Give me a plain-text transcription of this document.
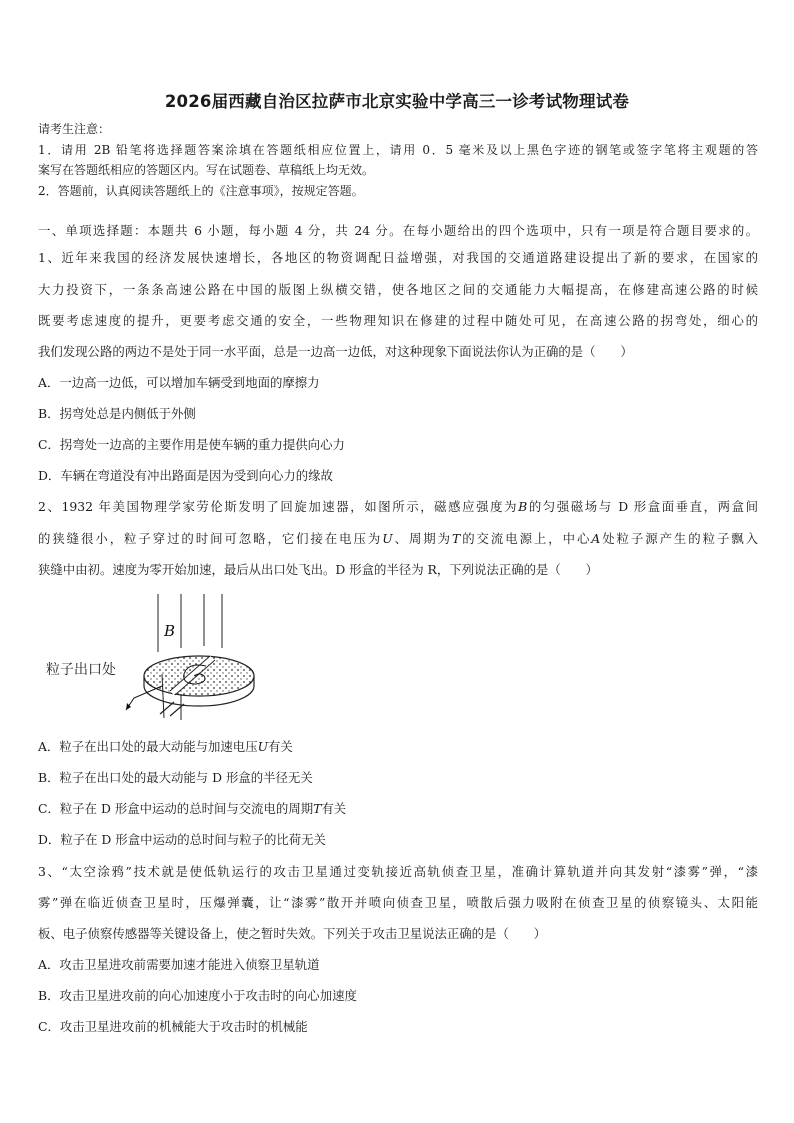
2026届西藏自治区拉萨市北京实验中学高三一诊考试物理试卷
请考生注意：
1．请用 2B 铅笔将选择题答案涂填在答题纸相应位置上，请用 0．5 毫米及以上黑色字迹的钢笔或签字笔将主观题的答
案写在答题纸相应的答题区内。写在试题卷、草稿纸上均无效。
2．答题前，认真阅读答题纸上的《注意事项》，按规定答题。
一、单项选择题：本题共 6 小题，每小题 4 分，共 24 分。在每小题给出的四个选项中，只有一项是符合题目要求的。
1、近年来我国的经济发展快速增长，各地区的物资调配日益增强，对我国的交通道路建设提出了新的要求，在国家的
大力投资下，一条条高速公路在中国的版图上纵横交错，使各地区之间的交通能力大幅提高，在修建高速公路的时候
既要考虑速度的提升，更要考虑交通的安全，一些物理知识在修建的过程中随处可见，在高速公路的拐弯处，细心的
我们发现公路的两边不是处于同一水平面，总是一边高一边低，对这种现象下面说法你认为正确的是（　　）
A．一边高一边低，可以增加车辆受到地面的摩擦力
B．拐弯处总是内侧低于外侧
C．拐弯处一边高的主要作用是使车辆的重力提供向心力
D．车辆在弯道没有冲出路面是因为受到向心力的缘故
2、1932 年美国物理学家劳伦斯发明了回旋加速器，如图所示，磁感应强度为B的匀强磁场与 D 形盒面垂直，两盒间
的狭缝很小，粒子穿过的时间可忽略，它们接在电压为U、周期为T的交流电源上，中心A处粒子源产生的粒子飘入
狭缝中由初。速度为零开始加速，最后从出口处飞出。D 形盒的半径为 R，下列说法正确的是（　　）
B
粒子出口处
A．粒子在出口处的最大动能与加速电压U有关
B．粒子在出口处的最大动能与 D 形盒的半径无关
C．粒子在 D 形盒中运动的总时间与交流电的周期T有关
D．粒子在 D 形盒中运动的总时间与粒子的比荷无关
3、“太空涂鸦”技术就是使低轨运行的攻击卫星通过变轨接近高轨侦查卫星，准确计算轨道并向其发射“漆雾”弹，“漆
雾”弹在临近侦查卫星时，压爆弹囊，让“漆雾”散开并喷向侦查卫星，喷散后强力吸附在侦查卫星的侦察镜头、太阳能
板、电子侦察传感器等关键设备上，使之暂时失效。下列关于攻击卫星说法正确的是（　　）
A．攻击卫星进攻前需要加速才能进入侦察卫星轨道
B．攻击卫星进攻前的向心加速度小于攻击时的向心加速度
C．攻击卫星进攻前的机械能大于攻击时的机械能
